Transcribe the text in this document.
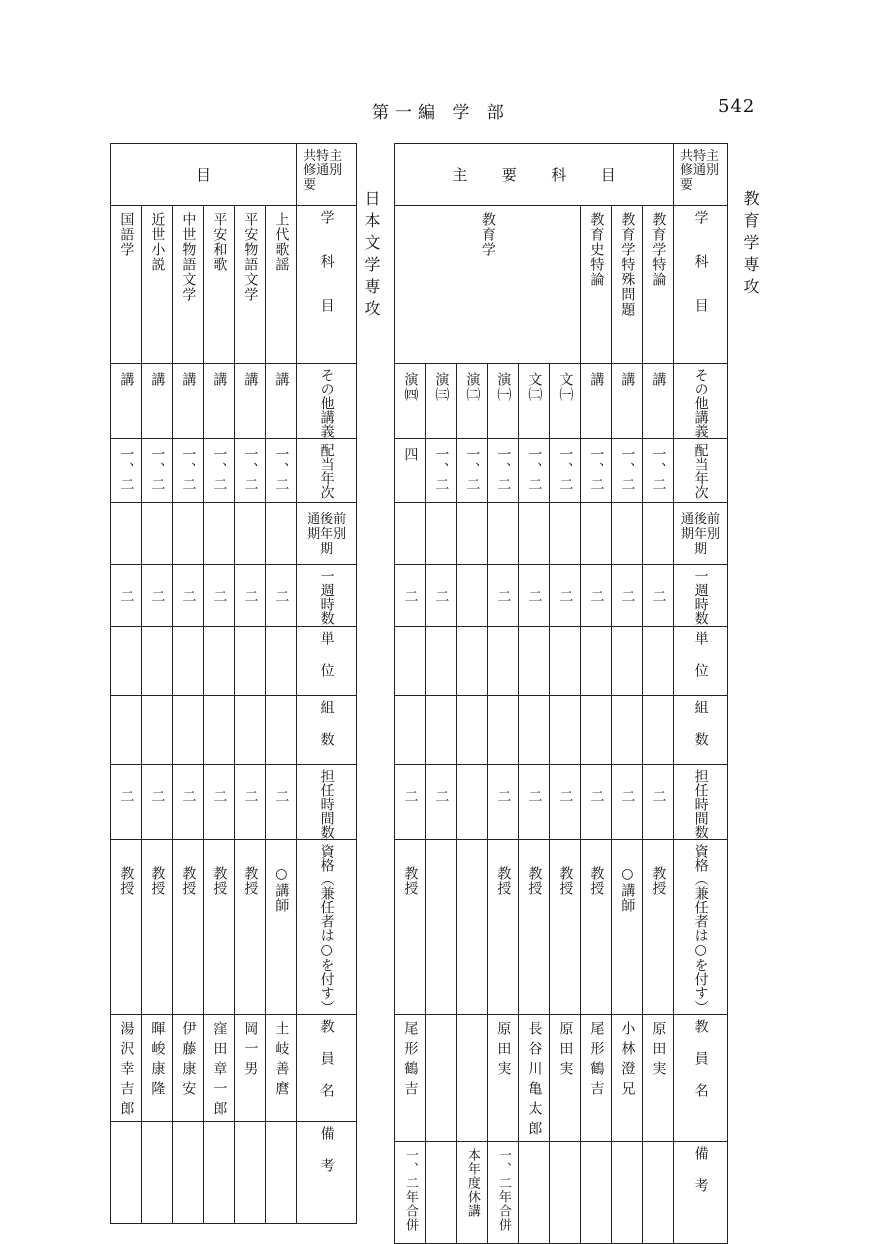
第一編 学 部	542
教育学専攻
日本文学専攻
主 要 科 目									共特主修通別要

教育学						教育史特論	教育学特殊問題	教育学特論	学科目

演㈣	演㈢	演㈡	演㈠	文㈡	文㈠	講	講	講	その他講義

四	一、二	一、二	一、二	一、二	一、二	一、二	一、二	一、二	配当年次

									通後前期年別期

二	二		二	二	二	二	二	二	一週時数

									単位

									組数

二	二		二	二	二	二	二	二	担任時間数

教授			教授	教授	教授	教授	○講師	教授	資格（兼任者は○を付す）

尾形鶴吉			原田実	長谷川亀太郎	原田実	尾形鶴吉	小林澄兄	原田実	教員名

一、二年合併		本年度休講	一、二年合併						備考
目						共特主修通別要

国語学	近世小説	中世物語文学	平安和歌	平安物語文学	上代歌謡	学科目

講	講	講	講	講	講	その他講義

一、二	一、二	一、二	一、二	一、二	一、二	配当年次

						通後前期年別期

二	二	二	二	二	二	一週時数

						単位

						組数

二	二	二	二	二	二	担任時間数

教授	教授	教授	教授	教授	○講師	資格（兼任者は○を付す）

湯沢幸吉郎	暉峻康隆	伊藤康安	窪田章一郎	岡一男	土岐善麿	教員名

						備考
